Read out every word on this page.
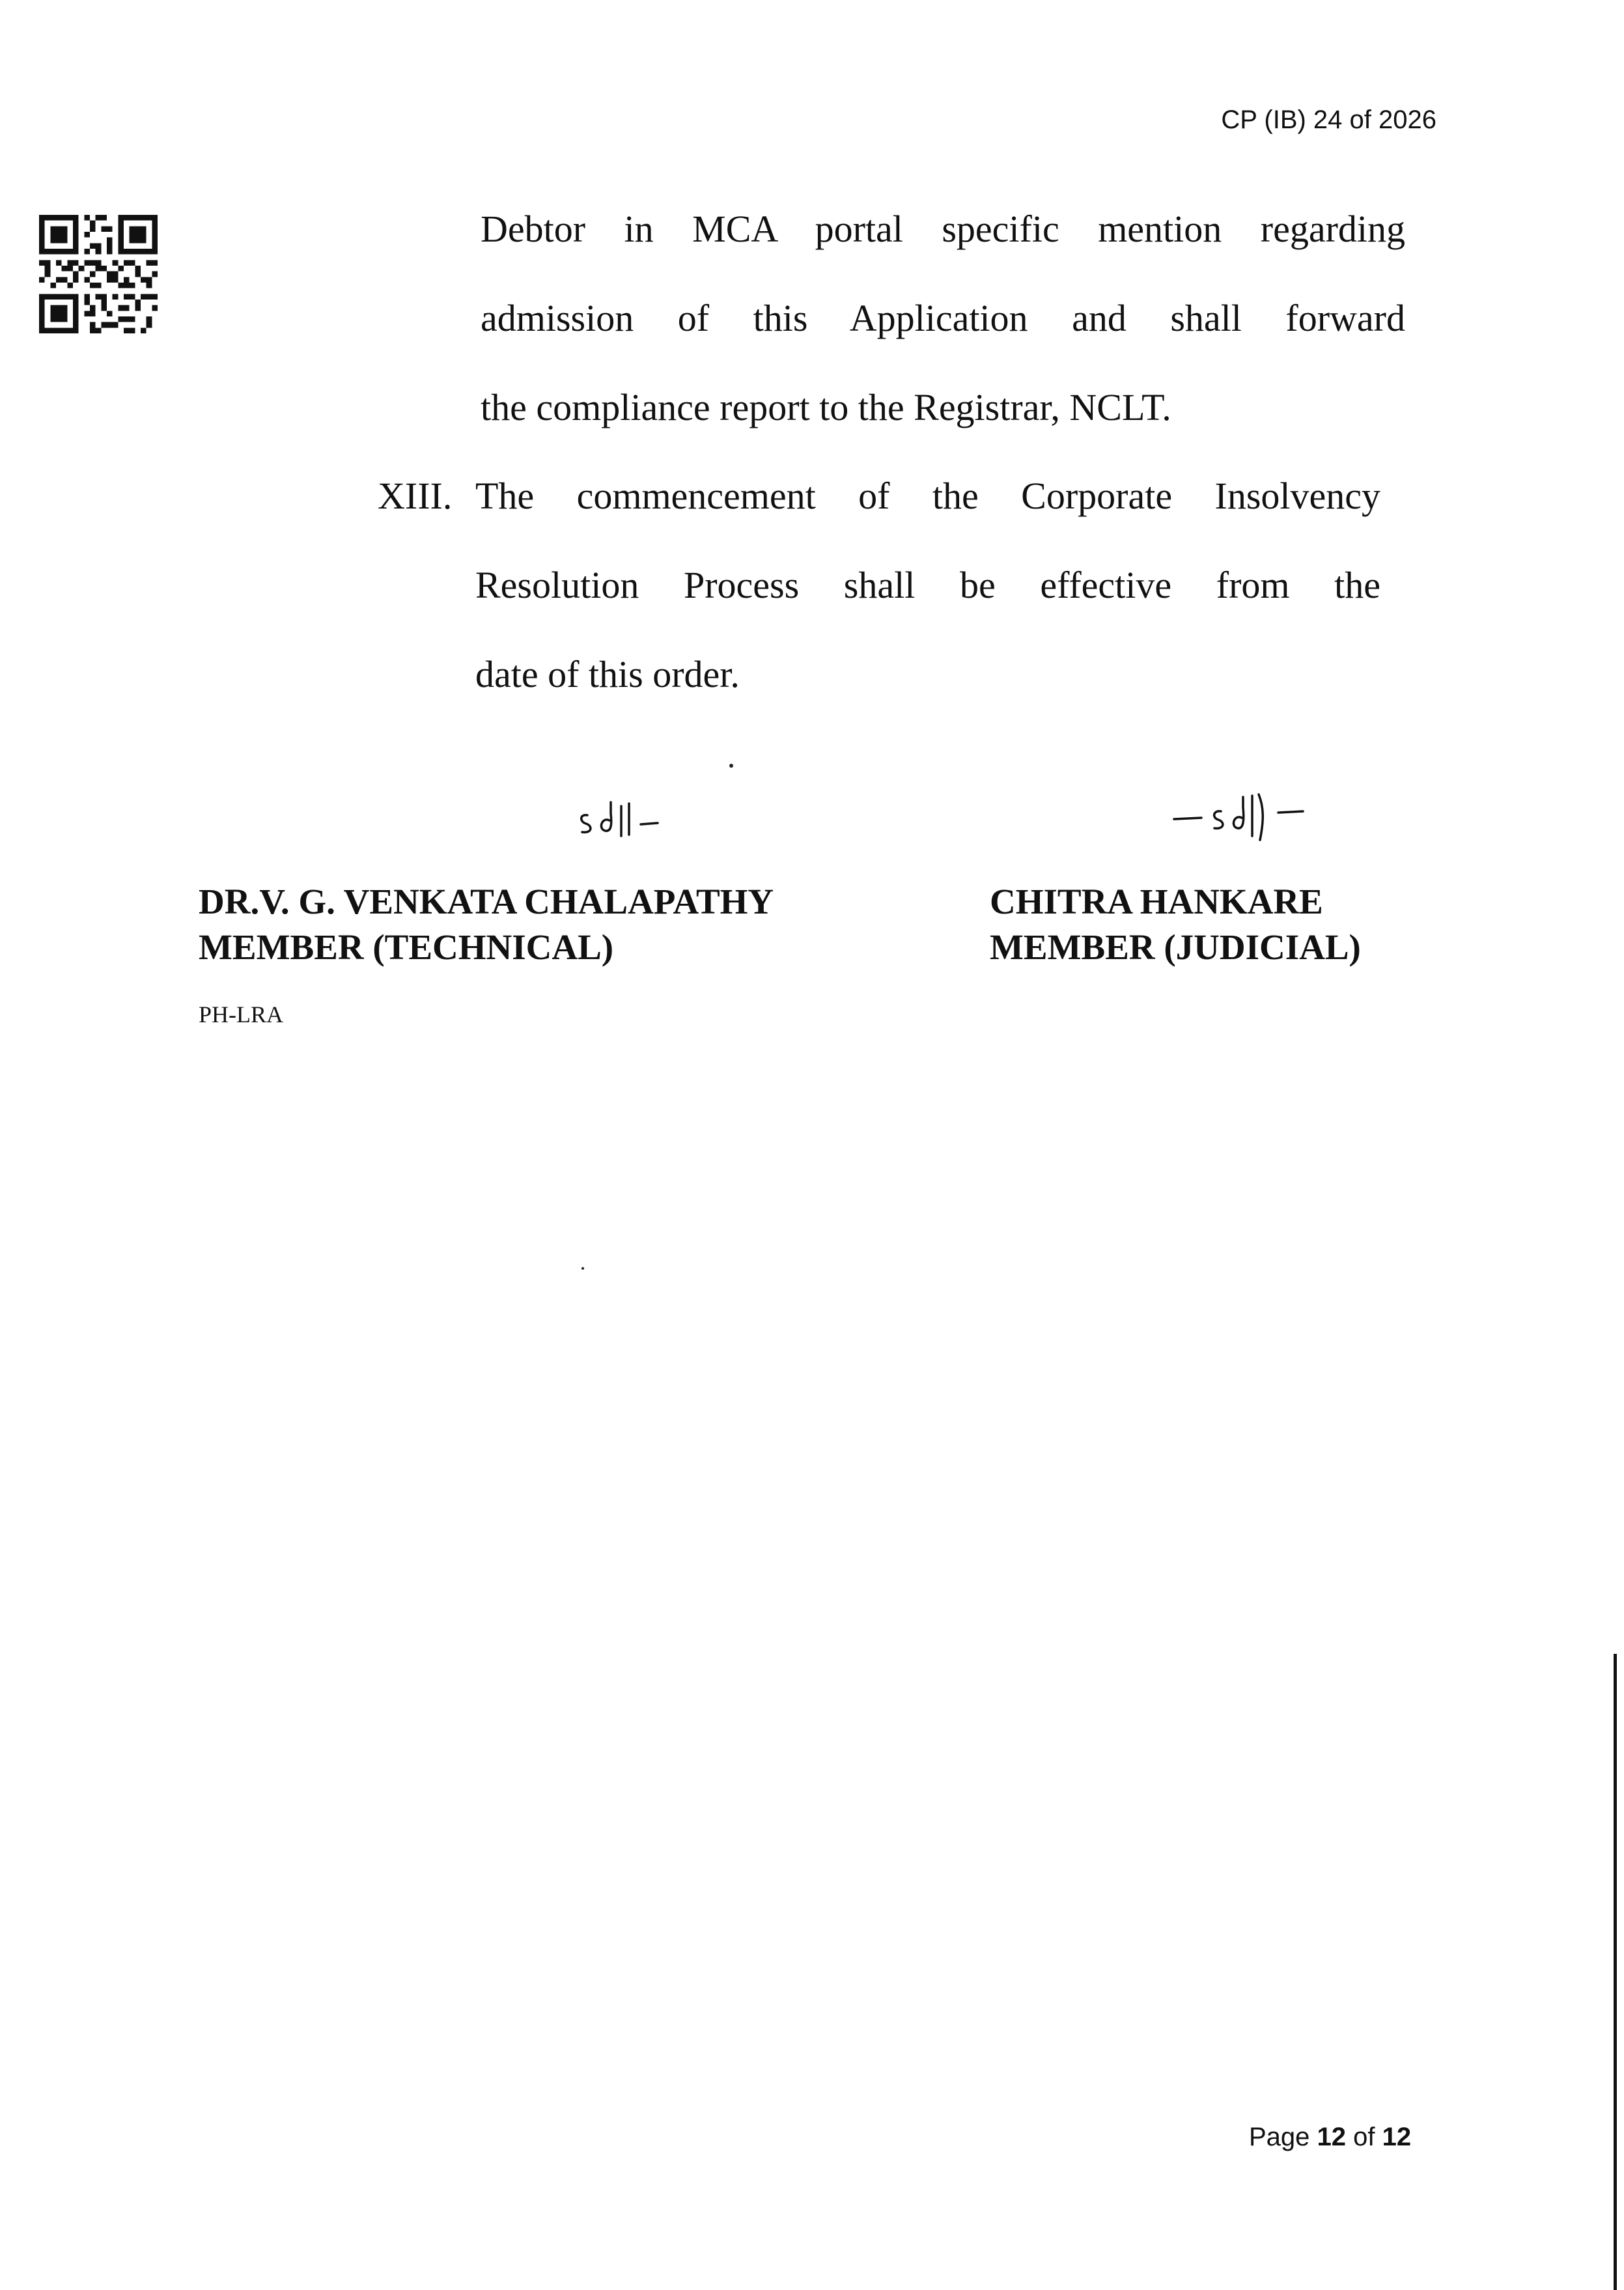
CP (IB) 24 of 2026
Debtor in MCA portal specific mention regarding
admission of this Application and shall forward
the compliance report to the Registrar, NCLT.
XIII. The commencement of the Corporate Insolvency
Resolution Process shall be effective from the
date of this order.
DR.V. G. VENKATA CHALAPATHY
MEMBER (TECHNICAL)
CHITRA HANKARE
MEMBER (JUDICIAL)
PH-LRA
Page 12 of 12
